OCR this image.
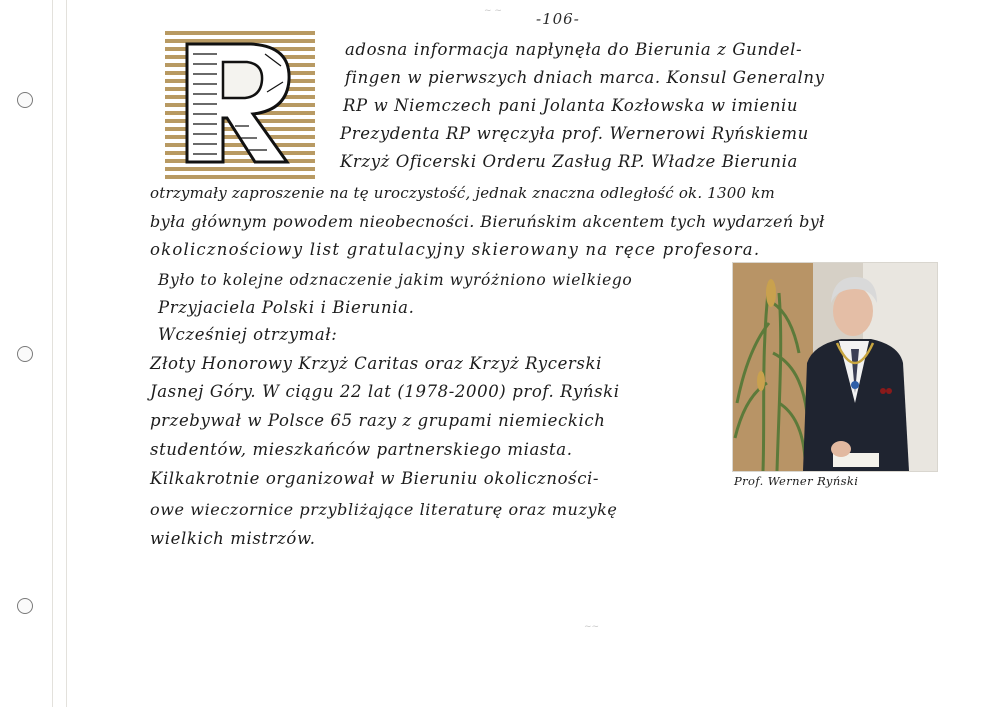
~ ~ -106-
~~
adosna informacja napłynęła do Bierunia z Gundel-
fingen w pierwszych dniach marca. Konsul Generalny
RP w Niemczech pani Jolanta Kozłowska w imieniu
Prezydenta RP wręczyła prof. Wernerowi Ryńskiemu
Krzyż Oficerski Orderu Zasług RP. Władze Bierunia
otrzymały zaproszenie na tę uroczystość, jednak znaczna odległość ok. 1300 km
była głównym powodem nieobecności. Bieruńskim akcentem tych wydarzeń był
okolicznościowy list gratulacyjny skierowany na ręce profesora.
Było to kolejne odznaczenie jakim wyróżniono wielkiego
Przyjaciela Polski i Bierunia.
Wcześniej otrzymał:
Złoty Honorowy Krzyż Caritas oraz Krzyż Rycerski
Jasnej Góry. W ciągu 22 lat (1978-2000) prof. Ryński
przebywał w Polsce 65 razy z grupami niemieckich
studentów, mieszkańców partnerskiego miasta.
Kilkakrotnie organizował w Bieruniu okoliczności-
owe wieczornice przybliżające literaturę oraz muzykę
wielkich mistrzów.
Prof. Werner Ryński
